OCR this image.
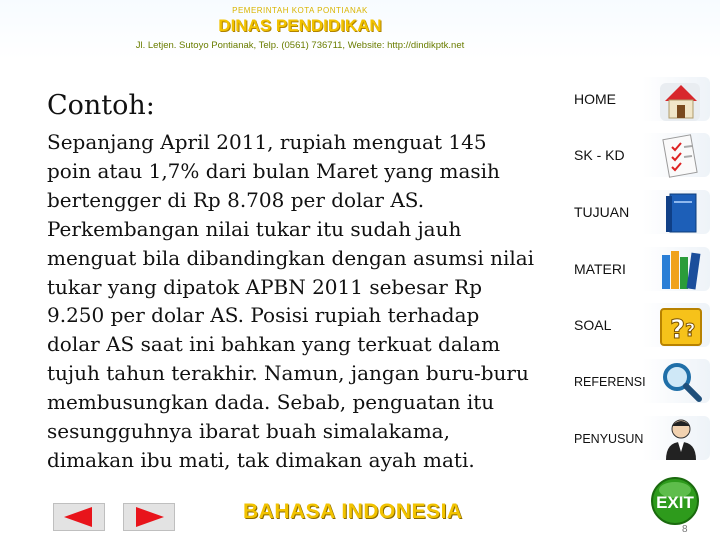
PEMERINTAH KOTA PONTIANAK
DINAS PENDIDIKAN
Jl. Letjen. Sutoyo Pontianak, Telp. (0561) 736711, Website: http://dindikptk.net
Contoh:
Sepanjang April 2011, rupiah menguat 145 poin atau 1,7% dari bulan Maret yang masih bertengger di Rp 8.708 per dolar AS. Perkembangan nilai tukar itu sudah jauh menguat bila dibandingkan dengan asumsi nilai tukar yang dipatok APBN 2011 sebesar Rp 9.250 per dolar AS. Posisi rupiah terhadap dolar AS saat ini bahkan yang terkuat dalam tujuh tahun terakhir. Namun, jangan buru-buru membusungkan dada. Sebab, penguatan itu sesungguhnya ibarat buah simalakama, dimakan ibu mati, tak dimakan ayah mati.
HOME
SK - KD
TUJUAN
MATERI
SOAL ? ?
REFERENSI
PENYUSUN
BAHASA INDONESIA	EXIT
8
